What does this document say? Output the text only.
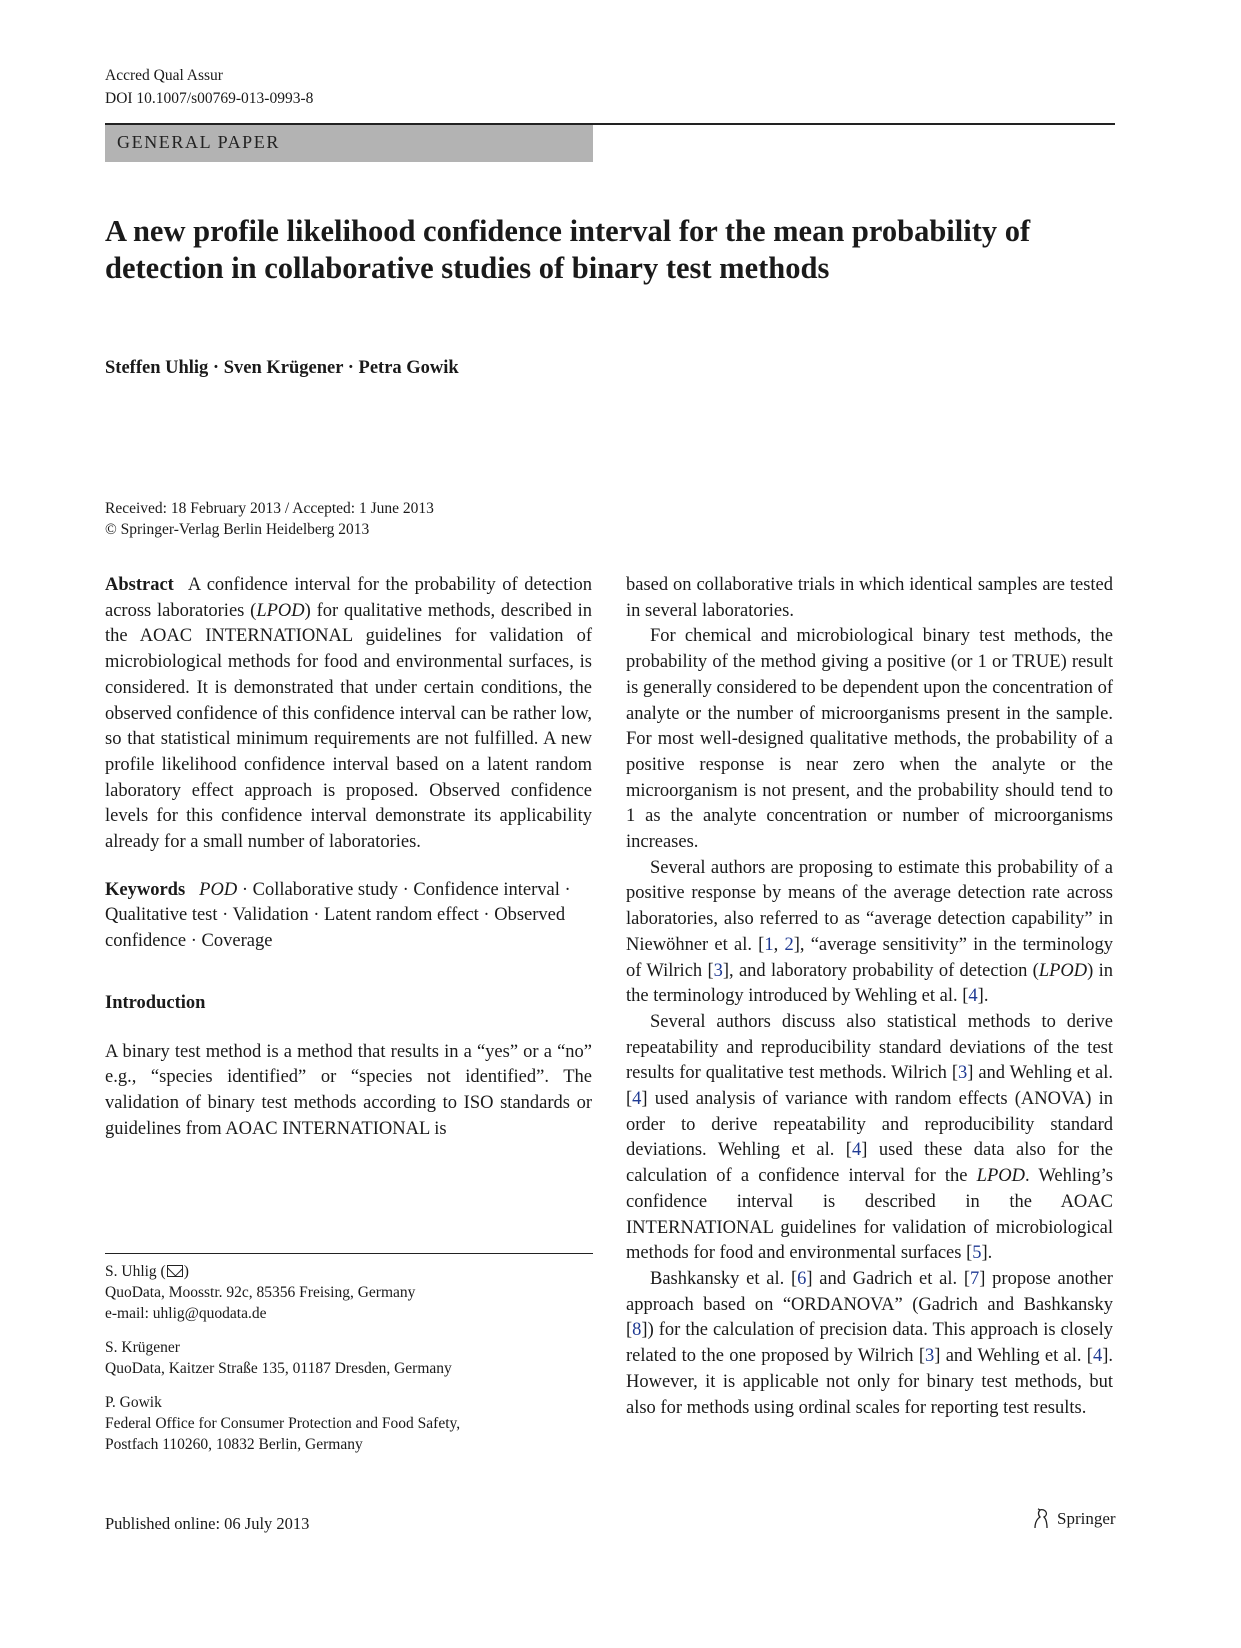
Accred Qual Assur
DOI 10.1007/s00769-013-0993-8
GENERAL PAPER
A new profile likelihood confidence interval for the mean probability of detection in collaborative studies of binary test methods
Steffen Uhlig · Sven Krügener · Petra Gowik
Received: 18 February 2013 / Accepted: 1 June 2013
© Springer-Verlag Berlin Heidelberg 2013

Abstract A confidence interval for the probability of detection across laboratories (LPOD) for qualitative methods, described in the AOAC INTERNATIONAL guidelines for validation of microbiological methods for food and environmental surfaces, is considered. It is demonstrated that under certain conditions, the observed confidence of this confidence interval can be rather low, so that statistical minimum requirements are not fulfilled. A new profile likelihood confidence interval based on a latent random laboratory effect approach is proposed. Observed confidence levels for this confidence interval demonstrate its applicability already for a small number of laboratories.

Keywords POD · Collaborative study · Confidence interval · Qualitative test · Validation · Latent random effect · Observed confidence · Coverage

Introduction

A binary test method is a method that results in a “yes” or a “no” e.g., “species identified” or “species not identified”. The validation of binary test methods according to ISO standards or guidelines from AOAC INTERNATIONAL is

S. Uhlig ( )
QuoData, Moosstr. 92c, 85356 Freising, Germany
e-mail: uhlig@quodata.de

S. Krügener
QuoData, Kaitzer Straße 135, 01187 Dresden, Germany

P. Gowik
Federal Office for Consumer Protection and Food Safety,
Postfach 110260, 10832 Berlin, Germany

based on collaborative trials in which identical samples are tested in several laboratories.

For chemical and microbiological binary test methods, the probability of the method giving a positive (or 1 or TRUE) result is generally considered to be dependent upon the concentration of analyte or the number of microorganisms present in the sample. For most well-designed qualitative methods, the probability of a positive response is near zero when the analyte or the microorganism is not present, and the probability should tend to 1 as the analyte concentration or number of microorganisms increases.

Several authors are proposing to estimate this probability of a positive response by means of the average detection rate across laboratories, also referred to as “average detection capability” in Niewöhner et al. [1, 2], “average sensitivity” in the terminology of Wilrich [3], and laboratory probability of detection (LPOD) in the terminology introduced by Wehling et al. [4].

Several authors discuss also statistical methods to derive repeatability and reproducibility standard deviations of the test results for qualitative test methods. Wilrich [3] and Wehling et al. [4] used analysis of variance with random effects (ANOVA) in order to derive repeatability and reproducibility standard deviations. Wehling et al. [4] used these data also for the calculation of a confidence interval for the LPOD. Wehling’s confidence interval is described in the AOAC INTERNATIONAL guidelines for validation of microbiological methods for food and environmental surfaces [5].

Bashkansky et al. [6] and Gadrich et al. [7] propose another approach based on “ORDANOVA” (Gadrich and Bashkansky [8]) for the calculation of precision data. This approach is closely related to the one proposed by Wilrich [3] and Wehling et al. [4]. However, it is applicable not only for binary test methods, but also for methods using ordinal scales for reporting test results.

Published online: 06 July 2013	Springer
